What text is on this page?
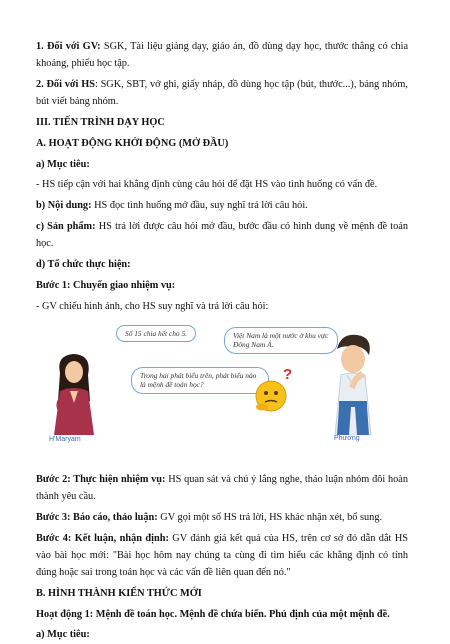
1. Đối với GV: SGK, Tài liệu giảng dạy, giáo án, đồ dùng dạy học, thước thẳng có chia khoảng, phiếu học tập.

2. Đối với HS: SGK, SBT, vở ghi, giấy nháp, đồ dùng học tập (bút, thước...), bảng nhóm, bút viết bảng nhóm.

III. TIẾN TRÌNH DẠY HỌC

A. HOẠT ĐỘNG KHỞI ĐỘNG (MỞ ĐẦU)

a) Mục tiêu:

- HS tiếp cận với hai khẳng định cùng câu hỏi để đặt HS vào tình huống có vấn đề.

b) Nội dung: HS đọc tình huống mở đầu, suy nghĩ trả lời câu hỏi.

c) Sản phẩm: HS trả lời được câu hỏi mở đầu, bước đầu có hình dung về mệnh đề toán học.

d) Tổ chức thực hiện:

Bước 1: Chuyển giao nhiệm vụ:

- GV chiếu hình ảnh, cho HS suy nghĩ và trả lời câu hỏi:

H'Maryam
Số 15 chia hết cho 5.	Việt Nam là một nước ở khu vực Đông Nam Á.
Trong hai phát biểu trên, phát biểu nào là mệnh đề toán học?
?
Phương

Bước 2: Thực hiện nhiệm vụ: HS quan sát và chú ý lắng nghe, thảo luận nhóm đôi hoàn thành yêu cầu.

Bước 3: Báo cáo, thảo luận: GV gọi một số HS trả lời, HS khác nhận xét, bổ sung.

Bước 4: Kết luận, nhận định: GV đánh giá kết quả của HS, trên cơ sở đó dẫn dắt HS vào bài học mới: "Bài học hôm nay chúng ta cùng đi tìm hiểu các khẳng định có tính đúng hoặc sai trong toán học và các vấn đề liên quan đến nó."

B. HÌNH THÀNH KIẾN THỨC MỚI

Hoạt động 1: Mệnh đề toán học. Mệnh đề chứa biến. Phủ định của một mệnh đề.

a) Mục tiêu:
